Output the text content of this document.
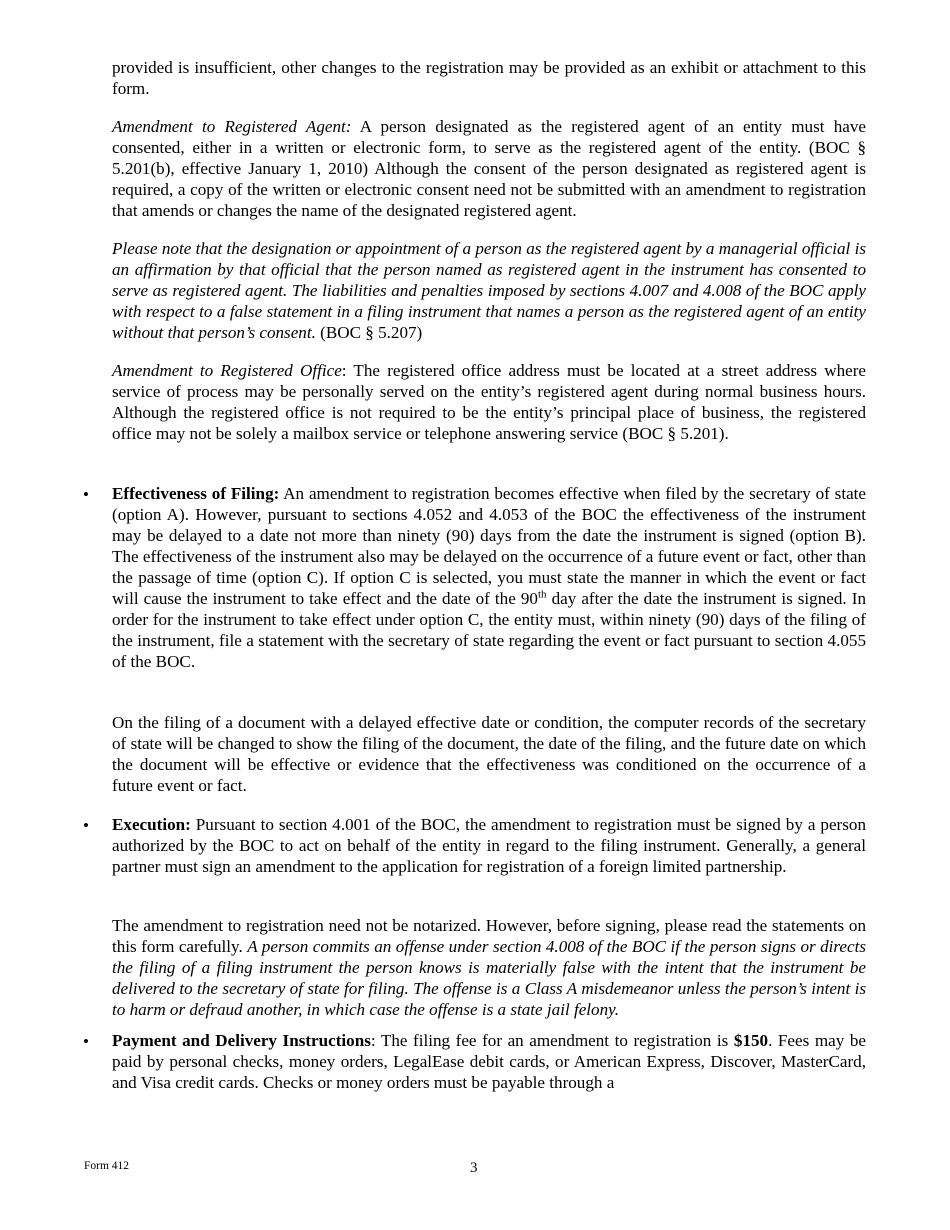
provided is insufficient, other changes to the registration may be provided as an exhibit or attachment to this form.

Amendment to Registered Agent: A person designated as the registered agent of an entity must have consented, either in a written or electronic form, to serve as the registered agent of the entity. (BOC § 5.201(b), effective January 1, 2010) Although the consent of the person designated as registered agent is required, a copy of the written or electronic consent need not be submitted with an amendment to registration that amends or changes the name of the designated registered agent.

Please note that the designation or appointment of a person as the registered agent by a managerial official is an affirmation by that official that the person named as registered agent in the instrument has consented to serve as registered agent. The liabilities and penalties imposed by sections 4.007 and 4.008 of the BOC apply with respect to a false statement in a filing instrument that names a person as the registered agent of an entity without that person’s consent. (BOC § 5.207)

Amendment to Registered Office: The registered office address must be located at a street address where service of process may be personally served on the entity’s registered agent during normal business hours. Although the registered office is not required to be the entity’s principal place of business, the registered office may not be solely a mailbox service or telephone answering service (BOC § 5.201).

• Effectiveness of Filing: An amendment to registration becomes effective when filed by the secretary of state (option A). However, pursuant to sections 4.052 and 4.053 of the BOC the effectiveness of the instrument may be delayed to a date not more than ninety (90) days from the date the instrument is signed (option B). The effectiveness of the instrument also may be delayed on the occurrence of a future event or fact, other than the passage of time (option C). If option C is selected, you must state the manner in which the event or fact will cause the instrument to take effect and the date of the 90th day after the date the instrument is signed. In order for the instrument to take effect under option C, the entity must, within ninety (90) days of the filing of the instrument, file a statement with the secretary of state regarding the event or fact pursuant to section 4.055 of the BOC.

On the filing of a document with a delayed effective date or condition, the computer records of the secretary of state will be changed to show the filing of the document, the date of the filing, and the future date on which the document will be effective or evidence that the effectiveness was conditioned on the occurrence of a future event or fact.

• Execution: Pursuant to section 4.001 of the BOC, the amendment to registration must be signed by a person authorized by the BOC to act on behalf of the entity in regard to the filing instrument. Generally, a general partner must sign an amendment to the application for registration of a foreign limited partnership.

The amendment to registration need not be notarized. However, before signing, please read the statements on this form carefully. A person commits an offense under section 4.008 of the BOC if the person signs or directs the filing of a filing instrument the person knows is materially false with the intent that the instrument be delivered to the secretary of state for filing. The offense is a Class A misdemeanor unless the person’s intent is to harm or defraud another, in which case the offense is a state jail felony.

• Payment and Delivery Instructions: The filing fee for an amendment to registration is $150. Fees may be paid by personal checks, money orders, LegalEase debit cards, or American Express, Discover, MasterCard, and Visa credit cards. Checks or money orders must be payable through a

Form 412	3
